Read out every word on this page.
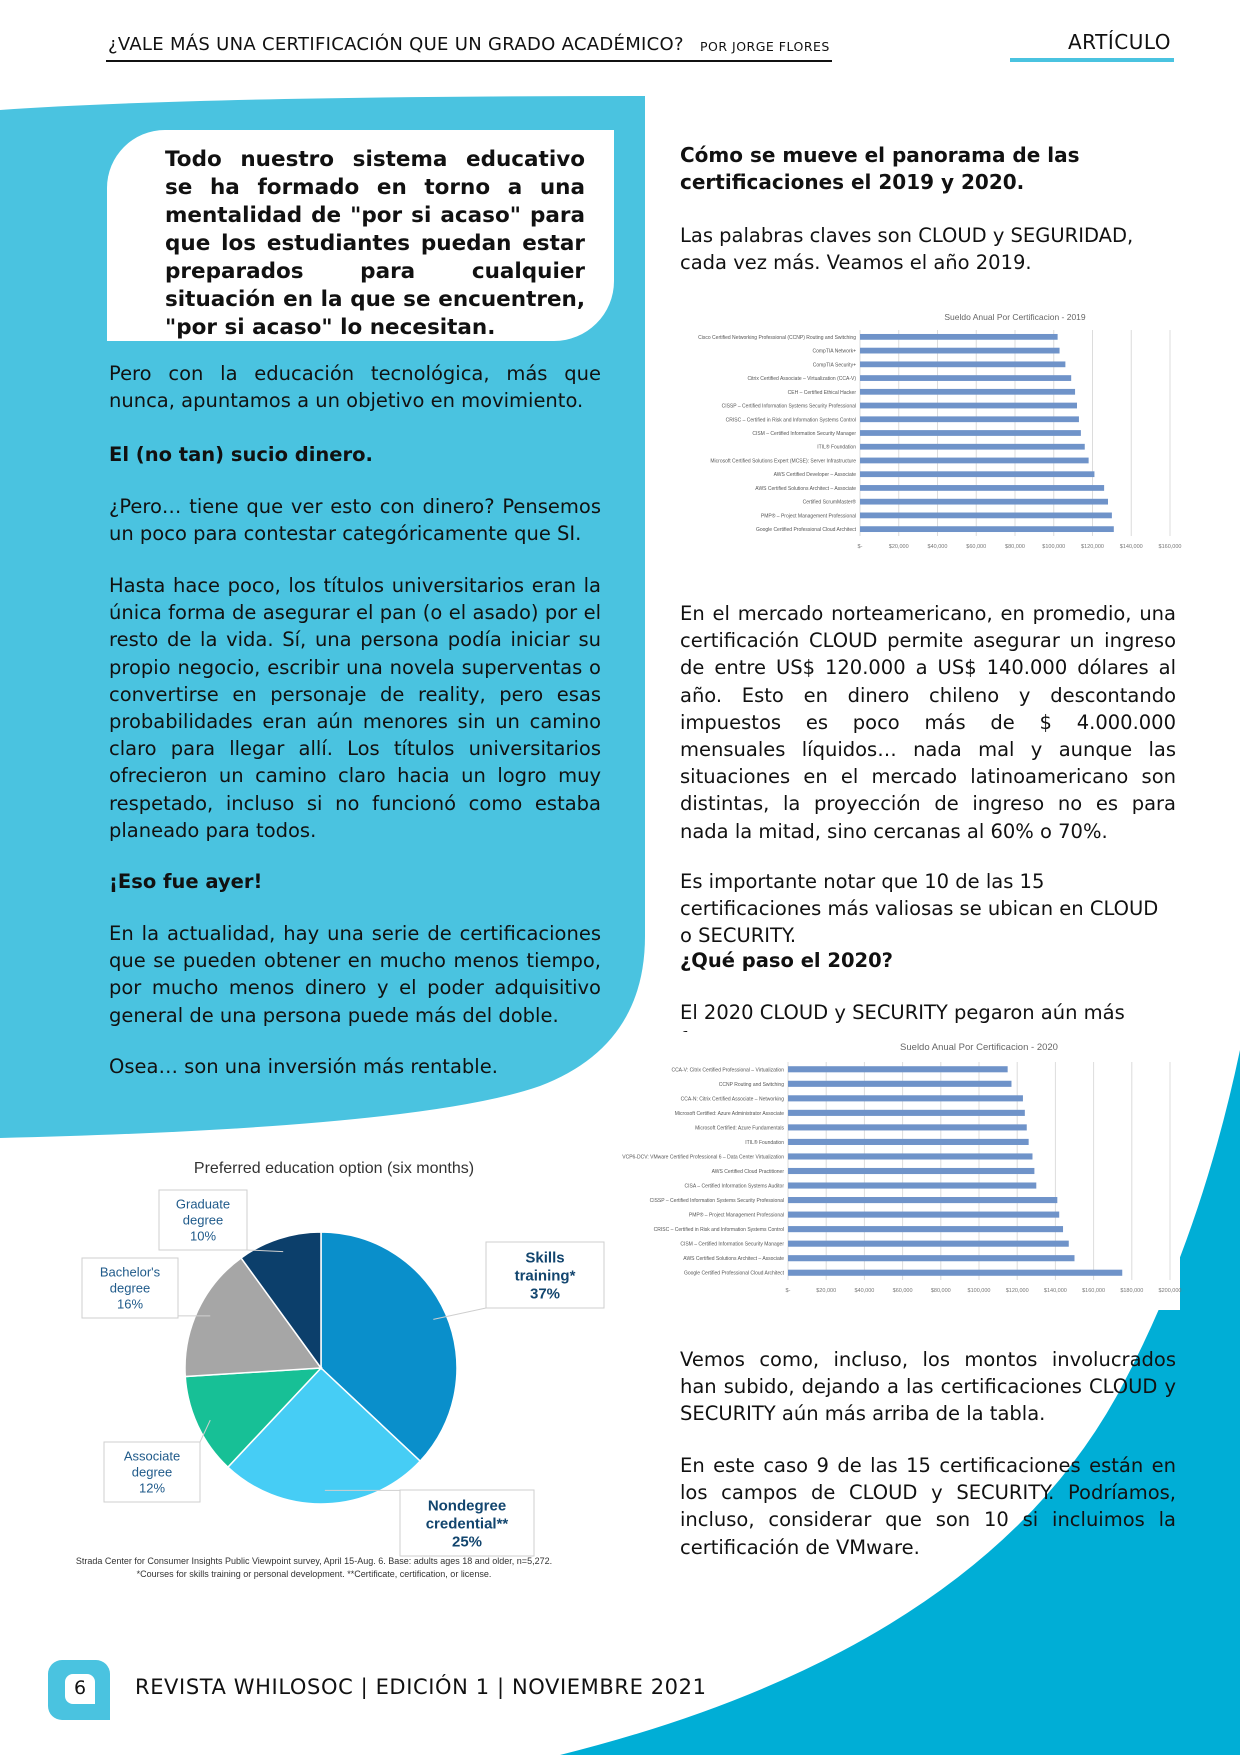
¿VALE MÁS UNA CERTIFICACIÓN QUE UN GRADO ACADÉMICO? POR JORGE FLORES	ARTÍCULO
Todo nuestro sistema educativo se ha formado en torno a una mentalidad de "por si acaso" para que los estudiantes puedan estar preparados para cualquier situación en la que se encuentren, "por si acaso" lo necesitan.
Pero con la educación tecnológica, más que nunca, apuntamos a un objetivo en movimiento.
El (no tan) sucio dinero.
¿Pero… tiene que ver esto con dinero? Pensemos un poco para contestar categóricamente que SI.
Hasta hace poco, los títulos universitarios eran la única forma de asegurar el pan (o el asado) por el resto de la vida. Sí, una persona podía iniciar su propio negocio, escribir una novela superventas o convertirse en personaje de reality, pero esas probabilidades eran aún menores sin un camino claro para llegar allí. Los títulos universitarios ofrecieron un camino claro hacia un logro muy respetado, incluso si no funcionó como estaba planeado para todos.
¡Eso fue ayer!
En la actualidad, hay una serie de certificaciones que se pueden obtener en mucho menos tiempo, por mucho menos dinero y el poder adquisitivo general de una persona puede más del doble.
Osea… son una inversión más rentable.
Cómo se mueve el panorama de las certificaciones el 2019 y 2020.
Las palabras claves son CLOUD y SEGURIDAD, cada vez más. Veamos el año 2019.
Sueldo Anual Por Certificacion - 2019
$-	$20,000	$40,000	$60,000	$80,000	$100,000	$120,000	$140,000	$160,000
Cisco Certified Networking Professional (CCNP) Routing and Switching
CompTIA Network+
CompTIA Security+
Citrix Certified Associate – Virtualization (CCA-V)
CEH – Certified Ethical Hacker
CISSP – Certified Information Systems Security Professional
CRISC – Certified in Risk and Information Systems Control
CISM – Certified Information Security Manager
ITIL® Foundation
Microsoft Certified Solutions Expert (MCSE): Server Infrastructure
AWS Certified Developer – Associate
AWS Certified Solutions Architect – Associate
Certified ScrumMaster®
PMP® – Project Management Professional
Google Certified Professional Cloud Architect
En el mercado norteamericano, en promedio, una certificación CLOUD permite asegurar un ingreso de entre US$ 120.000 a US$ 140.000 dólares al año. Esto en dinero chileno y descontando impuestos es poco más de $ 4.000.000 mensuales líquidos… nada mal y aunque las situaciones en el mercado latinoamericano son distintas, la proyección de ingreso no es para nada la mitad, sino cercanas al 60% o 70%.
Es importante notar que 10 de las 15 certificaciones más valiosas se ubican en CLOUD o SECURITY.
¿Qué paso el 2020?
El 2020 CLOUD y SECURITY pegaron aún más fuerte:	Sueldo Anual Por Certificacion - 2020
$-	$20,000	$40,000	$60,000	$80,000	$100,000	$120,000	$140,000	$160,000	$180,000	$200,000
CCA-V: Citrix Certified Professional – Virtualization
CCNP Routing and Switching
CCA-N: Citrix Certified Associate – Networking
Microsoft Certified: Azure Administrator Associate
Microsoft Certified: Azure Fundamentals
ITIL® Foundation
VCP6-DCV: VMware Certified Professional 6 – Data Center Virtualization
AWS Certified Cloud Practitioner
CISA – Certified Information Systems Auditor
CISSP – Certified Information Systems Security Professional
PMP® – Project Management Professional
CRISC – Certified in Risk and Information Systems Control
CISM – Certified Information Security Manager
AWS Certified Solutions Architect – Associate
Google Certified Professional Cloud Architect
Vemos como, incluso, los montos involucrados han subido, dejando a las certificaciones CLOUD y SECURITY aún más arriba de la tabla.
En este caso 9 de las 15 certificaciones están en los campos de CLOUD y SECURITY. Podríamos, incluso, considerar que son 10 si incluimos la certificación de VMware.
Preferred education option (six months)
Skills
training*
37%
Nondegree
credential**
25%
Associate
degree
12%
Bachelor's
degree
16%
Graduate
degree
10%
Strada Center for Consumer Insights Public Viewpoint survey, April 15-Aug. 6. Base: adults ages 18 and older, n=5,272.
*Courses for skills training or personal development. **Certificate, certification, or license.
6	REVISTA WHILOSOC | EDICIÓN 1 | NOVIEMBRE 2021
